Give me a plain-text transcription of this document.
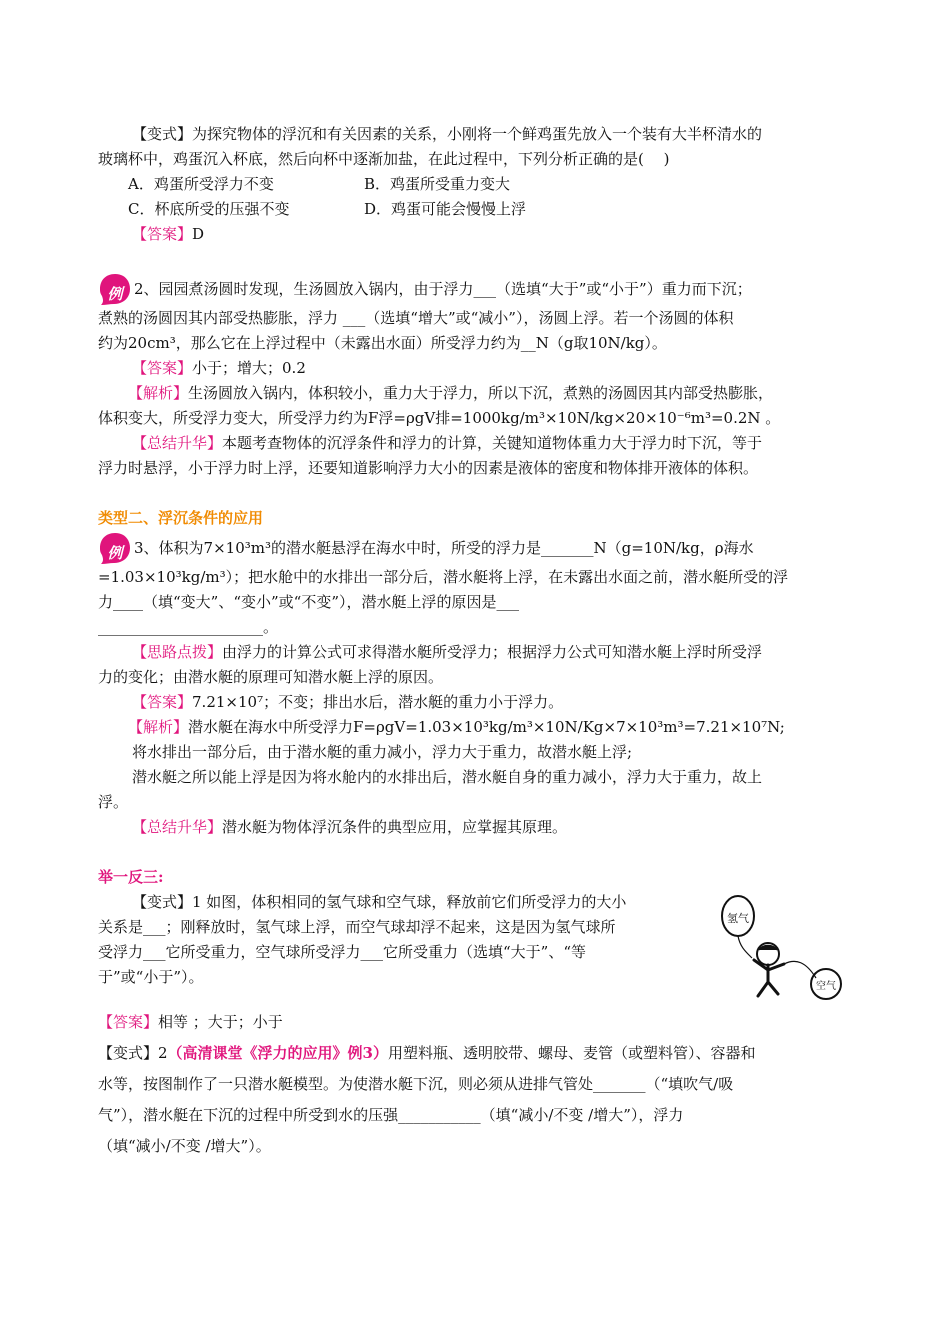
【变式】为探究物体的浮沉和有关因素的关系，小刚将一个鲜鸡蛋先放入一个装有大半杯清水的
玻璃杯中，鸡蛋沉入杯底，然后向杯中逐渐加盐，在此过程中，下列分析正确的是(　 )
A．鸡蛋所受浮力不变	B．鸡蛋所受重力变大
C．杯底所受的压强不变	D．鸡蛋可能会慢慢上浮
【答案】D
例 2、园园煮汤圆时发现，生汤圆放入锅内，由于浮力___（选填“大于”或“小于”）重力而下沉；
煮熟的汤圆因其内部受热膨胀，浮力 ___（选填“增大”或“减小”），汤圆上浮。若一个汤圆的体积
约为20cm³，那么它在上浮过程中（未露出水面）所受浮力约为__N（g取10N/kg）。
【答案】小于；增大；0.2
【解析】生汤圆放入锅内，体积较小，重力大于浮力，所以下沉，煮熟的汤圆因其内部受热膨胀，
体积变大，所受浮力变大，所受浮力约为F浮=ρgV排=1000kg/m³×10N/kg×20×10⁻⁶m³=0.2N 。
【总结升华】本题考查物体的沉浮条件和浮力的计算，关键知道物体重力大于浮力时下沉，等于
浮力时悬浮，小于浮力时上浮，还要知道影响浮力大小的因素是液体的密度和物体排开液体的体积。
类型二、浮沉条件的应用
例 3、体积为7×10³m³的潜水艇悬浮在海水中时，所受的浮力是_______N（g=10N/kg，ρ海水
=1.03×10³kg/m³）；把水舱中的水排出一部分后，潜水艇将上浮，在未露出水面之前，潜水艇所受的浮
力____（填“变大”、“变小”或“不变”），潜水艇上浮的原因是___
______________________。
【思路点拨】由浮力的计算公式可求得潜水艇所受浮力；根据浮力公式可知潜水艇上浮时所受浮
力的变化；由潜水艇的原理可知潜水艇上浮的原因。
【答案】7.21×10⁷；不变；排出水后，潜水艇的重力小于浮力。
【解析】潜水艇在海水中所受浮力F=ρgV=1.03×10³kg/m³×10N/Kg×7×10³m³=7.21×10⁷N;
将水排出一部分后，由于潜水艇的重力减小，浮力大于重力，故潜水艇上浮;
潜水艇之所以能上浮是因为将水舱内的水排出后，潜水艇自身的重力减小，浮力大于重力，故上
浮。
【总结升华】潜水艇为物体浮沉条件的典型应用，应掌握其原理。
举一反三:
【变式】1 如图，体积相同的氢气球和空气球，释放前它们所受浮力的大小
关系是___；刚释放时，氢气球上浮，而空气球却浮不起来，这是因为氢气球所
受浮力___它所受重力，空气球所受浮力___它所受重力（选填“大于”、“等
于”或“小于”）。
氢气
空气
【答案】相等 ；大于；小于
【变式】2（高清课堂《浮力的应用》例3）用塑料瓶、透明胶带、螺母、麦管（或塑料管）、容器和
水等，按图制作了一只潜水艇模型。为使潜水艇下沉，则必须从进排气管处_______（“填吹气/吸
气”），潜水艇在下沉的过程中所受到水的压强___________（填“减小/不变 /增大”），浮力
（填“减小/不变 /增大”）。
